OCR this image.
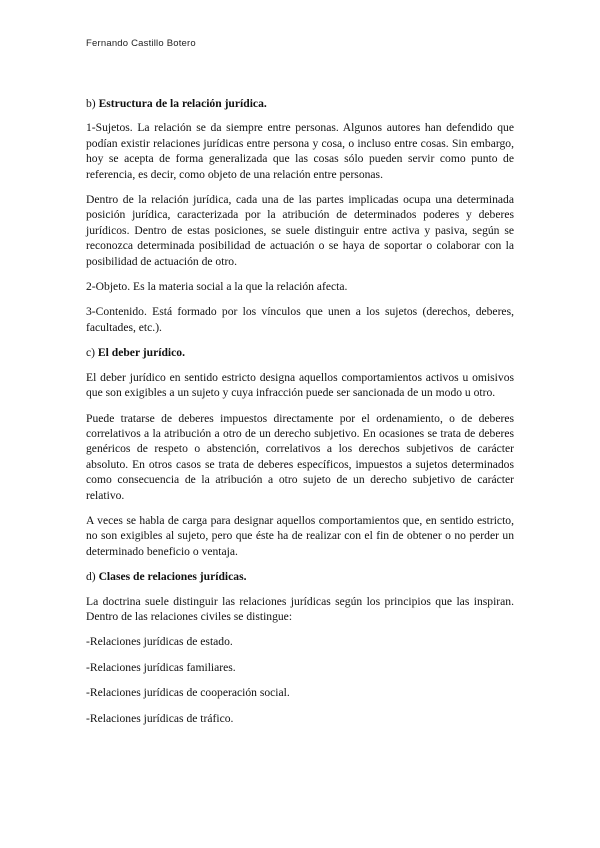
Fernando Castillo Botero

b) Estructura de la relación jurídica.

1-Sujetos. La relación se da siempre entre personas. Algunos autores han defendido que podían existir relaciones jurídicas entre persona y cosa, o incluso entre cosas. Sin embargo, hoy se acepta de forma generalizada que las cosas sólo pueden servir como punto de referencia, es decir, como objeto de una relación entre personas.

Dentro de la relación jurídica, cada una de las partes implicadas ocupa una determinada posición jurídica, caracterizada por la atribución de determinados poderes y deberes jurídicos. Dentro de estas posiciones, se suele distinguir entre activa y pasiva, según se reconozca determinada posibilidad de actuación o se haya de soportar o colaborar con la posibilidad de actuación de otro.

2-Objeto. Es la materia social a la que la relación afecta.

3-Contenido. Está formado por los vínculos que unen a los sujetos (derechos, deberes, facultades, etc.).

c) El deber jurídico.

El deber jurídico en sentido estricto designa aquellos comportamientos activos u omisivos que son exigibles a un sujeto y cuya infracción puede ser sancionada de un modo u otro.

Puede tratarse de deberes impuestos directamente por el ordenamiento, o de deberes correlativos a la atribución a otro de un derecho subjetivo. En ocasiones se trata de deberes genéricos de respeto o abstención, correlativos a los derechos subjetivos de carácter absoluto. En otros casos se trata de deberes específicos, impuestos a sujetos determinados como consecuencia de la atribución a otro sujeto de un derecho subjetivo de carácter relativo.

A veces se habla de carga para designar aquellos comportamientos que, en sentido estricto, no son exigibles al sujeto, pero que éste ha de realizar con el fin de obtener o no perder un determinado beneficio o ventaja.

d) Clases de relaciones jurídicas.

La doctrina suele distinguir las relaciones jurídicas según los principios que las inspiran. Dentro de las relaciones civiles se distingue:

-Relaciones jurídicas de estado.

-Relaciones jurídicas familiares.

-Relaciones jurídicas de cooperación social.

-Relaciones jurídicas de tráfico.
